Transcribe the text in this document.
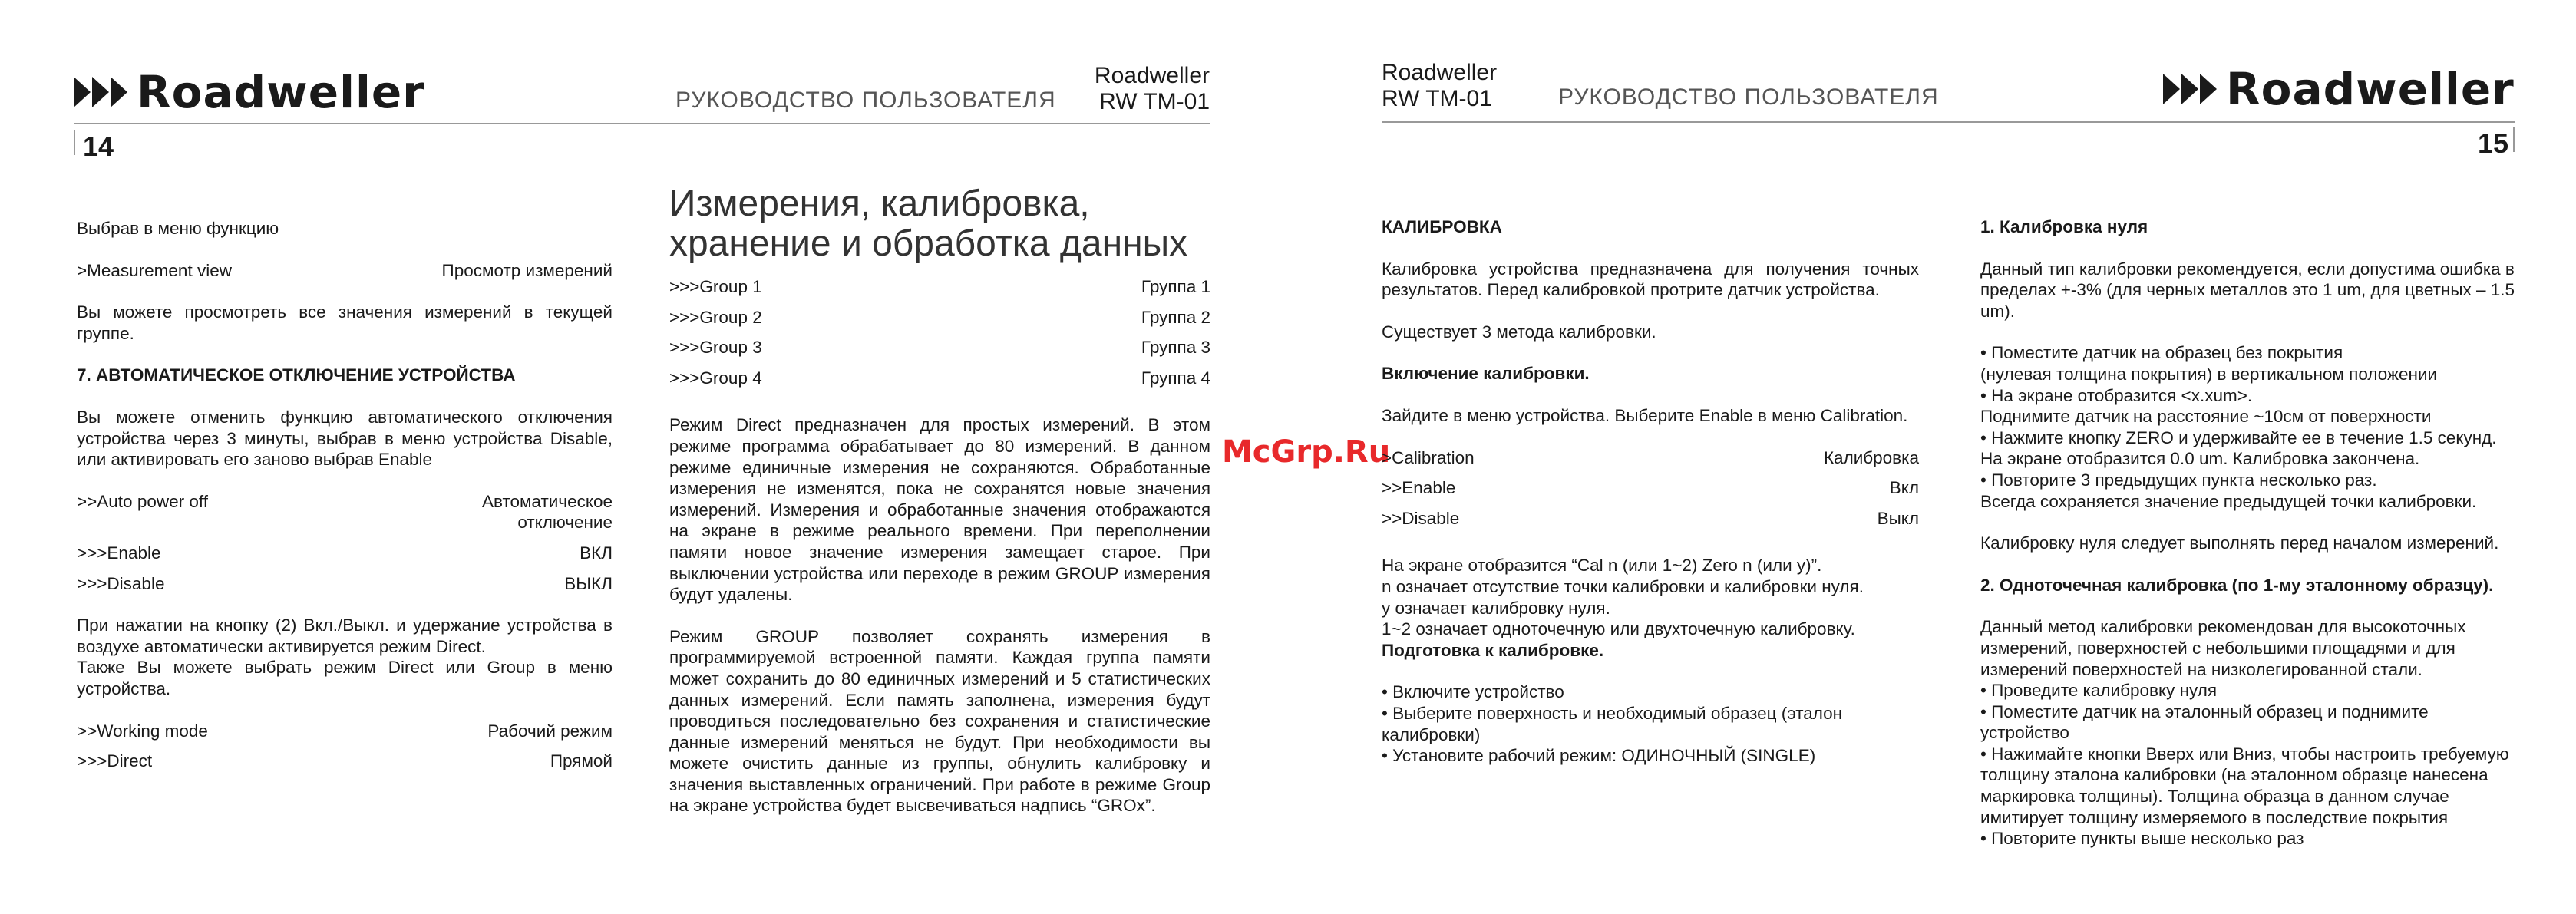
Roadweller	РУКОВОДСТВО ПОЛЬЗОВАТЕЛЯ
Roadweller
RW TM-01
14

Выбрав в меню функцию

>Measurement view	Просмотр измерений

Вы можете просмотреть все значения измерений в текущей группе.

7. АВТОМАТИЧЕСКОЕ ОТКЛЮЧЕНИЕ УСТРОЙСТВА

Вы можете отменить функцию автоматического отключения устройства через 3 минуты, выбрав в меню устройства Disable, или активировать его заново выбрав Enable

>>Auto power off	Автоматическое отключение
>>>Enable	ВКЛ
>>>Disable	ВЫКЛ

При нажатии на кнопку (2) Вкл./Выкл. и удержание устройства в воздухе автоматически активируется режим Direct.

Также Вы можете выбрать режим Direct или Group в меню устройства.

>>Working mode	Рабочий режим
>>>Direct	Прямой
Измерения, калибровка,
хранение и обработка данных
>>>Group 1	Группа 1
>>>Group 2	Группа 2
>>>Group 3	Группа 3
>>>Group 4	Группа 4

Режим Direct предназначен для простых измерений. В этом режиме программа обрабатывает до 80 измерений. В данном режиме единичные измерения не сохраняются. Обработанные измерения не изменятся, пока не сохранятся новые значения измерений. Измерения и обработанные значения отображаются на экране в режиме реального времени. При переполнении памяти новое значение измерения замещает старое. При выключении устройства или переходе в режим GROUP измерения будут удалены.

Режим GROUP позволяет сохранять измерения в программируемой встроенной памяти. Каждая группа памяти может сохранить до 80 единичных измерений и 5 статистических данных измерений. Если память заполнена, измерения будут проводиться последовательно без сохранения и статистические данные измерений меняться не будут. При необходимости вы можете очистить данные из группы, обнулить калибровку и значения выставленных ограничений. При работе в режиме Group на экране устройства будет высвечиваться надпись “GROx”.

McGrp.Ru
Roadweller
RW TM-01	РУКОВОДСТВО ПОЛЬЗОВАТЕЛЯ	Roadweller
15

КАЛИБРОВКА

Калибровка устройства предназначена для получения точных результатов. Перед калибровкой протрите датчик устройства.

Существует 3 метода калибровки.

Включение калибровки.

Зайдите в меню устройства. Выберите Enable в меню Calibration.

>Calibration	Калибровка
>>Enable	Вкл
>>Disable	Выкл

На экране отобразится “Cal n (или 1~2) Zero n (или y)”.

n означает отсутствие точки калибровки и калибровки нуля.

y означает калибровку нуля.

1~2 означает одноточечную или двухточечную калибровку.

Подготовка к калибровке.

• Включите устройство

• Выберите поверхность и необходимый образец (эталон калибровки)

• Установите рабочий режим: ОДИНОЧНЫЙ (SINGLE)

1. Калибровка нуля

Данный тип калибровки рекомендуется, если допустима ошибка в пределах +-3% (для черных металлов это 1 um, для цветных – 1.5 um).

• Поместите датчик на образец без покрытия

(нулевая толщина покрытия) в вертикальном положении

• На экране отобразится <x.xum>.

Поднимите датчик на расстояние ~10см от поверхности

• Нажмите кнопку ZERO и удерживайте ее в течение 1.5 секунд.

На экране отобразится 0.0 um. Калибровка закончена.

• Повторите 3 предыдущих пункта несколько раз.

Всегда сохраняется значение предыдущей точки калибровки.

Калибровку нуля следует выполнять перед началом измерений.

2. Одноточечная калибровка (по 1-му эталонному образцу).

Данный метод калибровки рекомендован для высокоточных измерений, поверхностей с небольшими площадями и для измерений поверхностей на низколегированной стали.

• Проведите калибровку нуля

• Поместите датчик на эталонный образец и поднимите устройство

• Нажимайте кнопки Вверх или Вниз, чтобы настроить требуемую толщину эталона калибровки (на эталонном образце нанесена маркировка толщины). Толщина образца в данном случае имитирует толщину измеряемого в последствие покрытия

• Повторите пункты выше несколько раз
